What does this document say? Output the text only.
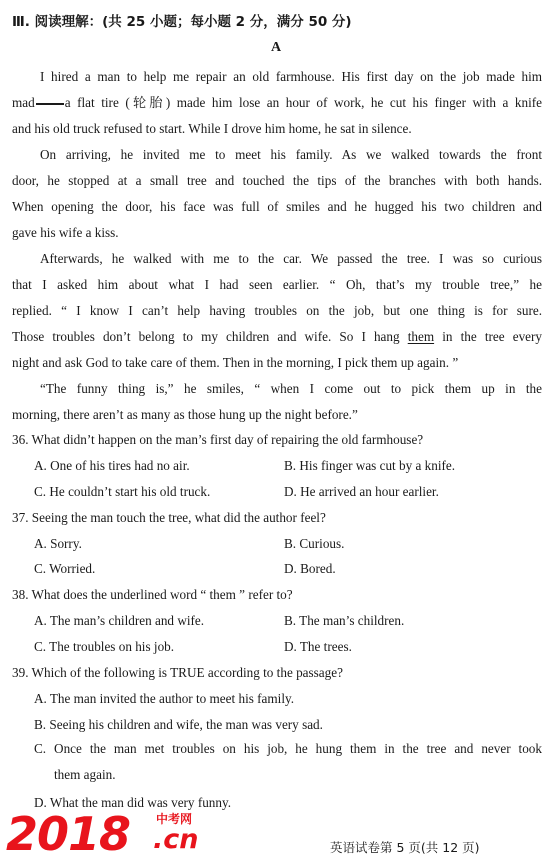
Ⅲ. 阅读理解：(共 25 小题；每小题 2 分，满分 50 分)
A
I hired a man to help me repair an old farmhouse. His first day on the job made him
mad a flat tire (轮胎) made him lose an hour of work, he cut his finger with a knife
and his old truck refused to start. While I drove him home, he sat in silence.
On arriving, he invited me to meet his family. As we walked towards the front
door, he stopped at a small tree and touched the tips of the branches with both hands.
When opening the door, his face was full of smiles and he hugged his two children and
gave his wife a kiss.
Afterwards, he walked with me to the car. We passed the tree. I was so curious
that I asked him about what I had seen earlier. “ Oh, that’s my trouble tree,” he
replied. “ I know I can’t help having troubles on the job, but one thing is for sure.
Those troubles don’t belong to my children and wife. So I hang them in the tree every
night and ask God to take care of them. Then in the morning, I pick them up again. ”
“The funny thing is,” he smiles, “ when I come out to pick them up in the
morning, there aren’t as many as those hung up the night before.”
36. What didn’t happen on the man’s first day of repairing the old farmhouse?
A. One of his tires had no air.	B. His finger was cut by a knife.
C. He couldn’t start his old truck.	D. He arrived an hour earlier.
37. Seeing the man touch the tree, what did the author feel?
A. Sorry.	B. Curious.
C. Worried.	D. Bored.
38. What does the underlined word “ them ” refer to?
A. The man’s children and wife.	B. The man’s children.
C. The troubles on his job.	D. The trees.
39. Which of the following is TRUE according to the passage?
A. The man invited the author to meet his family.
B. Seeing his children and wife, the man was very sad.
C. Once the man met troubles on his job, he hung them in the tree and never took
them again.
D. What the man did was very funny.
2018 中考网
.cn	英语试卷第 5 页(共 12 页)
